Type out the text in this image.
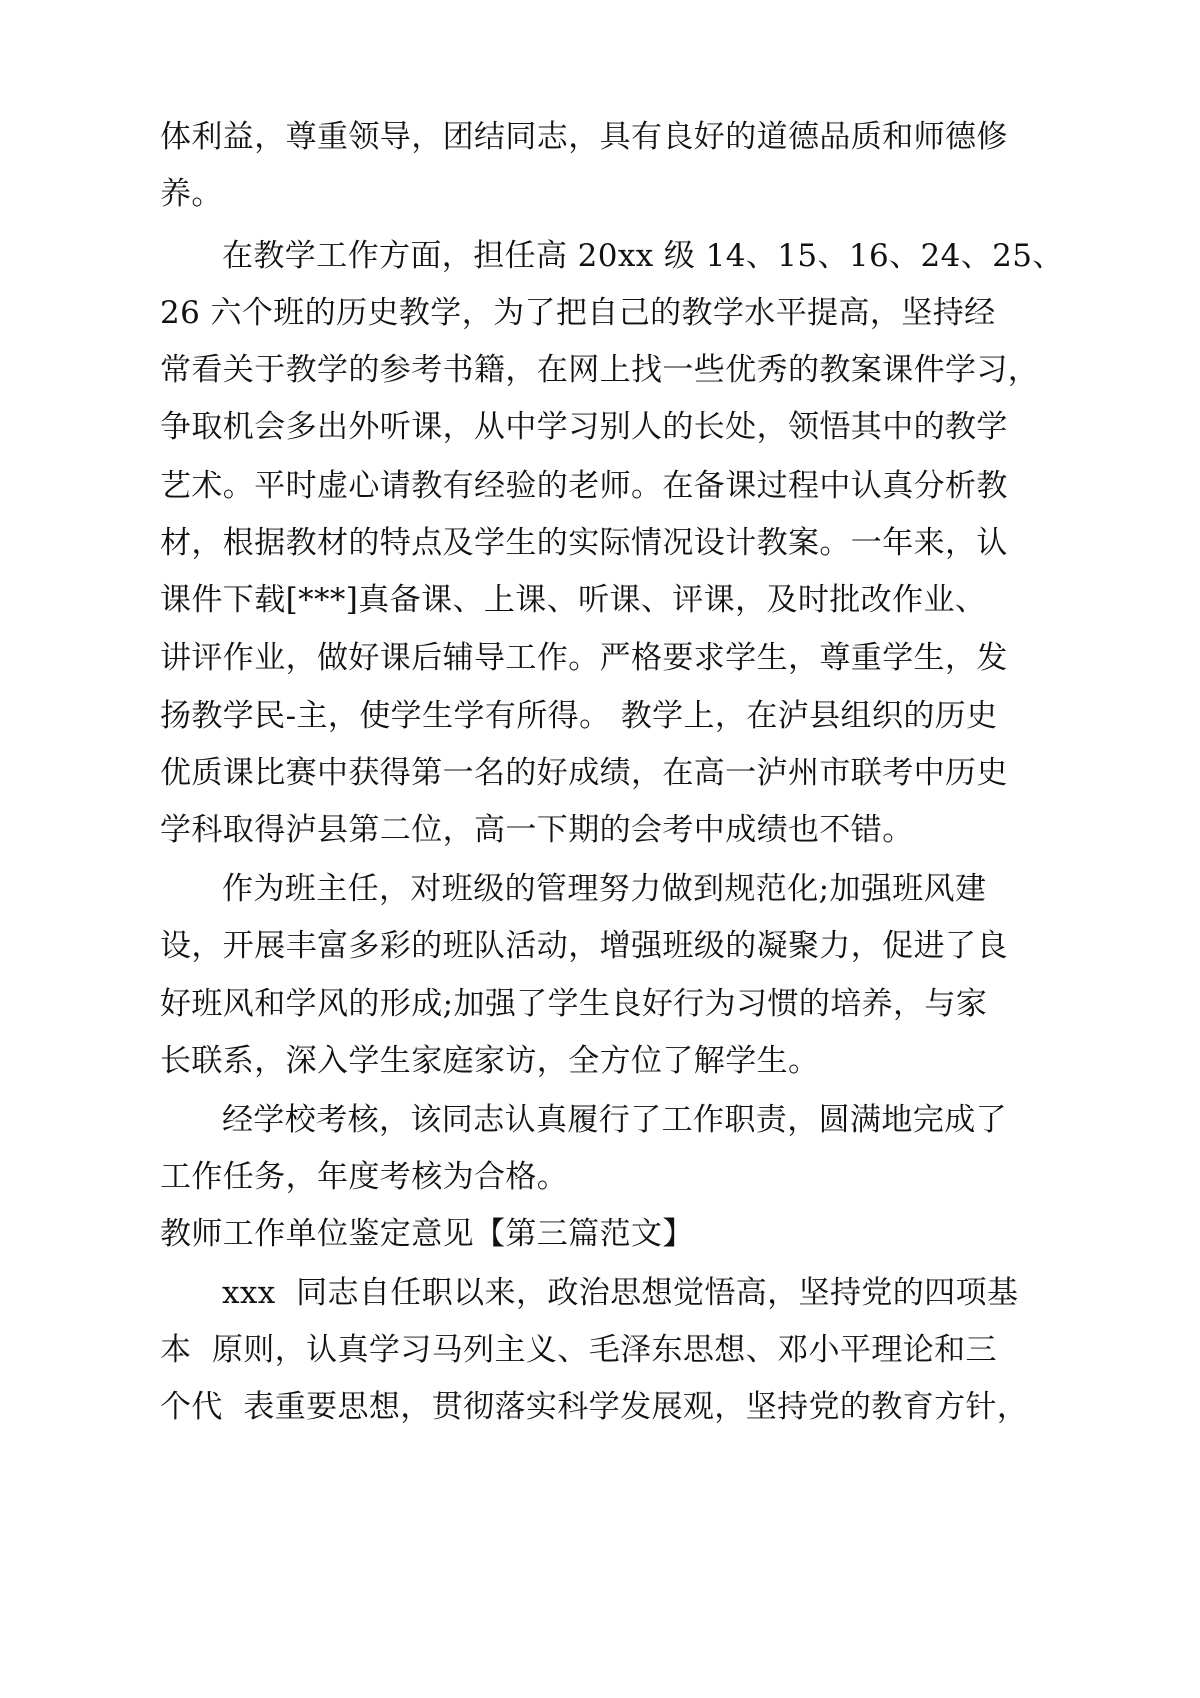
体利益，尊重领导，团结同志，具有良好的道德品质和师德修
养。
在教学工作方面，担任高 20xx 级 14、15、16、24、25、
26 六个班的历史教学，为了把自己的教学水平提高，坚持经
常看关于教学的参考书籍，在网上找一些优秀的教案课件学习，
争取机会多出外听课，从中学习别人的长处，领悟其中的教学
艺术。平时虚心请教有经验的老师。在备课过程中认真分析教
材，根据教材的特点及学生的实际情况设计教案。一年来，认
课件下载[***]真备课、上课、听课、评课，及时批改作业、
讲评作业，做好课后辅导工作。严格要求学生，尊重学生，发
扬教学民-主，使学生学有所得。 教学上，在泸县组织的历史
优质课比赛中获得第一名的好成绩，在高一泸州市联考中历史
学科取得泸县第二位，高一下期的会考中成绩也不错。
作为班主任，对班级的管理努力做到规范化;加强班风建
设，开展丰富多彩的班队活动，增强班级的凝聚力，促进了良
好班风和学风的形成;加强了学生良好行为习惯的培养，与家
长联系，深入学生家庭家访，全方位了解学生。
经学校考核，该同志认真履行了工作职责，圆满地完成了
工作任务，年度考核为合格。
教师工作单位鉴定意见【第三篇范文】
xxx  同志自任职以来，政治思想觉悟高，坚持党的四项基
本  原则，认真学习马列主义、毛泽东思想、邓小平理论和三
个代  表重要思想，贯彻落实科学发展观，坚持党的教育方针，
